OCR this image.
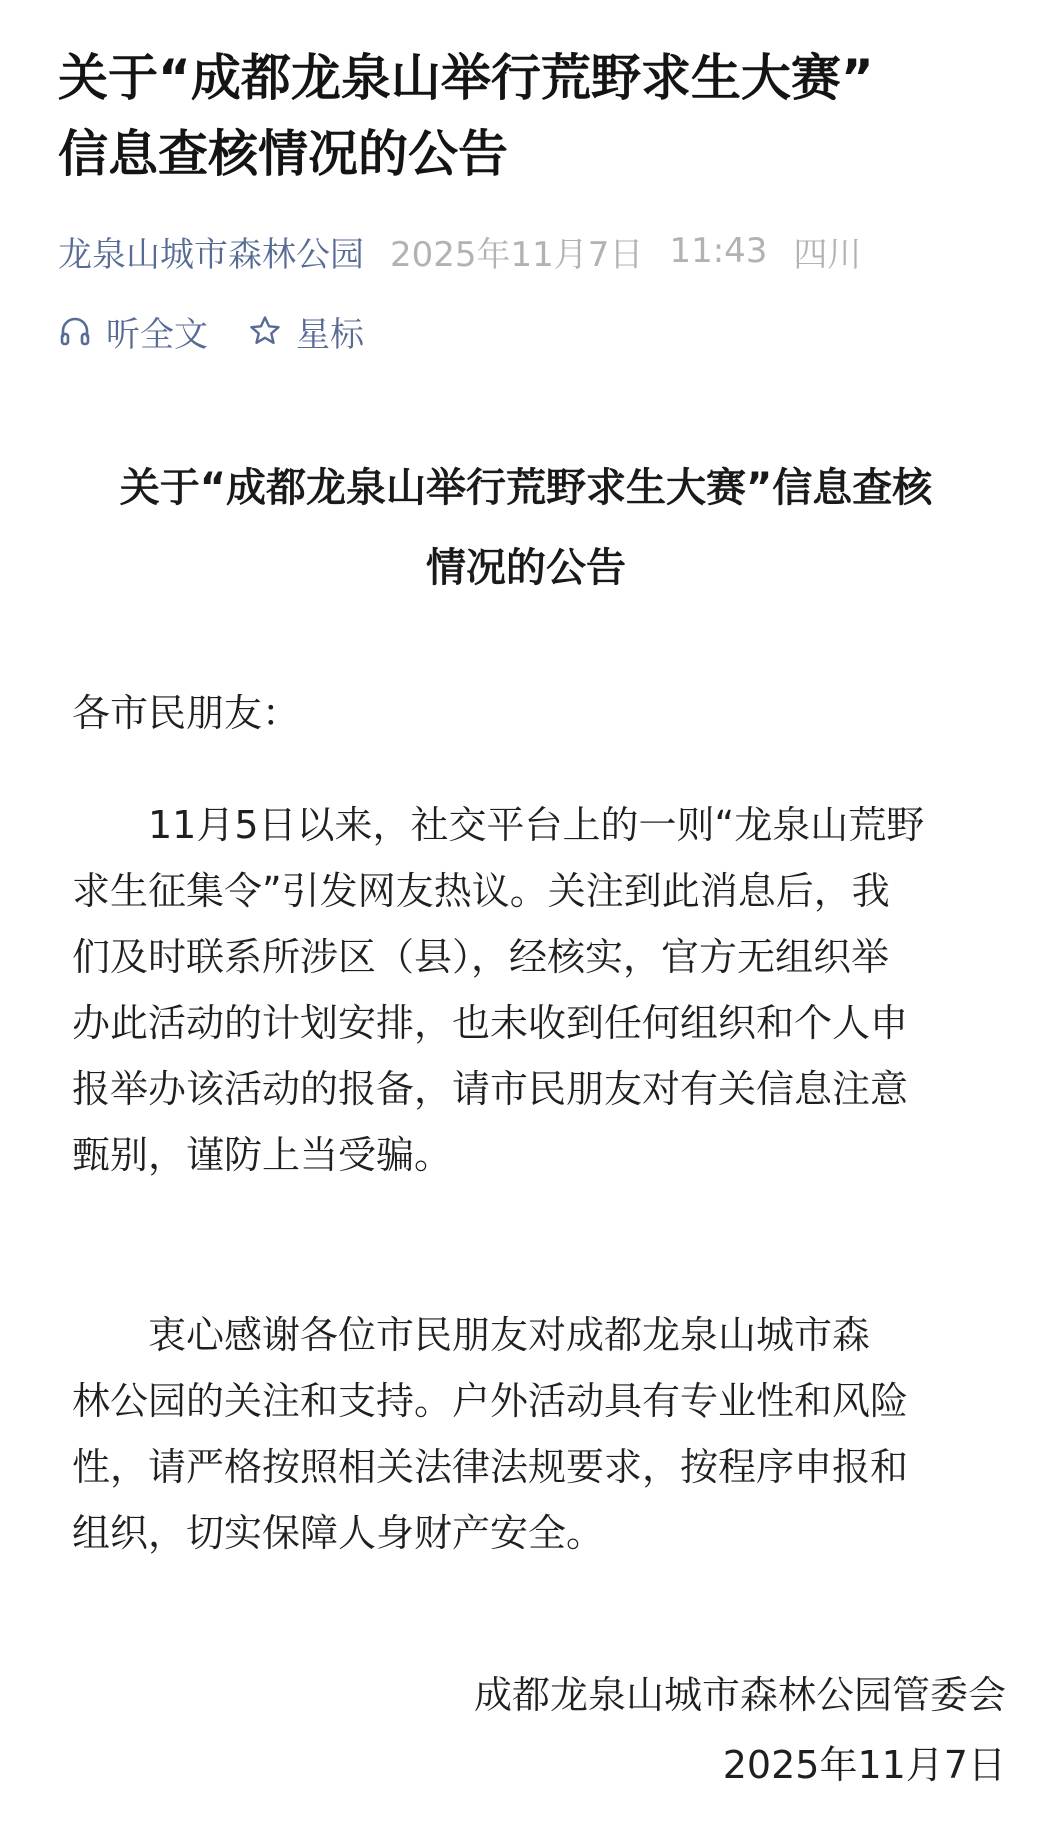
关于“成都龙泉山举行荒野求生大赛”
信息查核情况的公告
龙泉山城市森林公园 2025年11月7日 11:43 四川
听全文	星标
关于“成都龙泉山举行荒野求生大赛”信息查核
情况的公告
各市民朋友：
　　11月5日以来，社交平台上的一则“龙泉山荒野
求生征集令”引发网友热议。关注到此消息后，我
们及时联系所涉区（县），经核实，官方无组织举
办此活动的计划安排，也未收到任何组织和个人申
报举办该活动的报备，请市民朋友对有关信息注意
甄别，谨防上当受骗。
　　衷心感谢各位市民朋友对成都龙泉山城市森
林公园的关注和支持。户外活动具有专业性和风险
性，请严格按照相关法律法规要求，按程序申报和
组织，切实保障人身财产安全。
成都龙泉山城市森林公园管委会
2025年11月7日
